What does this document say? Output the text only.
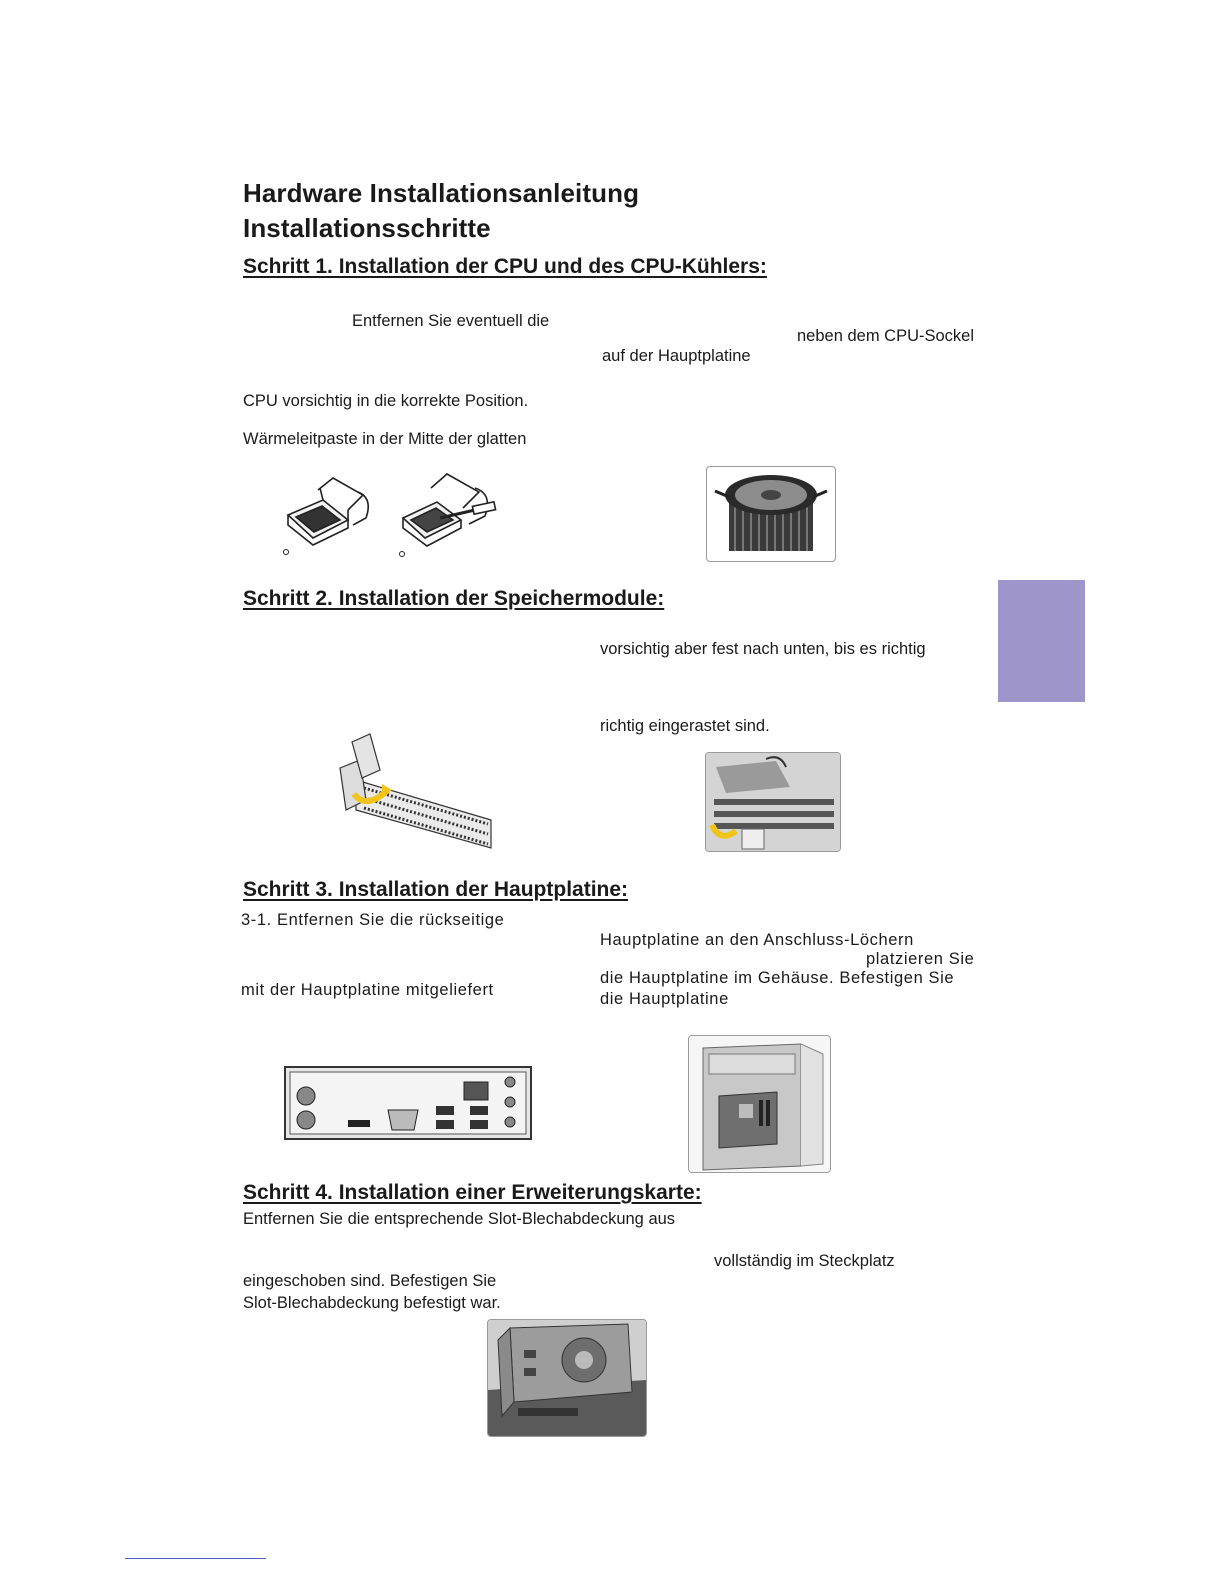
Hardware Installationsanleitung
Installationsschritte
Schritt 1. Installation der CPU und des CPU-Kühlers:
Entfernen Sie eventuell die
neben dem CPU-Sockel
auf der Hauptplatine
CPU vorsichtig in die korrekte Position.
Wärmeleitpaste in der Mitte der glatten
Schritt 2. Installation der Speichermodule:
vorsichtig aber fest nach unten, bis es richtig
richtig eingerastet sind.
Schritt 3. Installation der Hauptplatine:
3-1. Entfernen Sie die rückseitige
mit der Hauptplatine mitgeliefert
Hauptplatine an den Anschluss-Löchern
platzieren Sie
die Hauptplatine im Gehäuse. Befestigen Sie
die Hauptplatine
Schritt 4. Installation einer Erweiterungskarte:
Entfernen Sie die entsprechende Slot-Blechabdeckung aus
vollständig im Steckplatz
eingeschoben sind. Befestigen Sie
Slot-Blechabdeckung befestigt war.
